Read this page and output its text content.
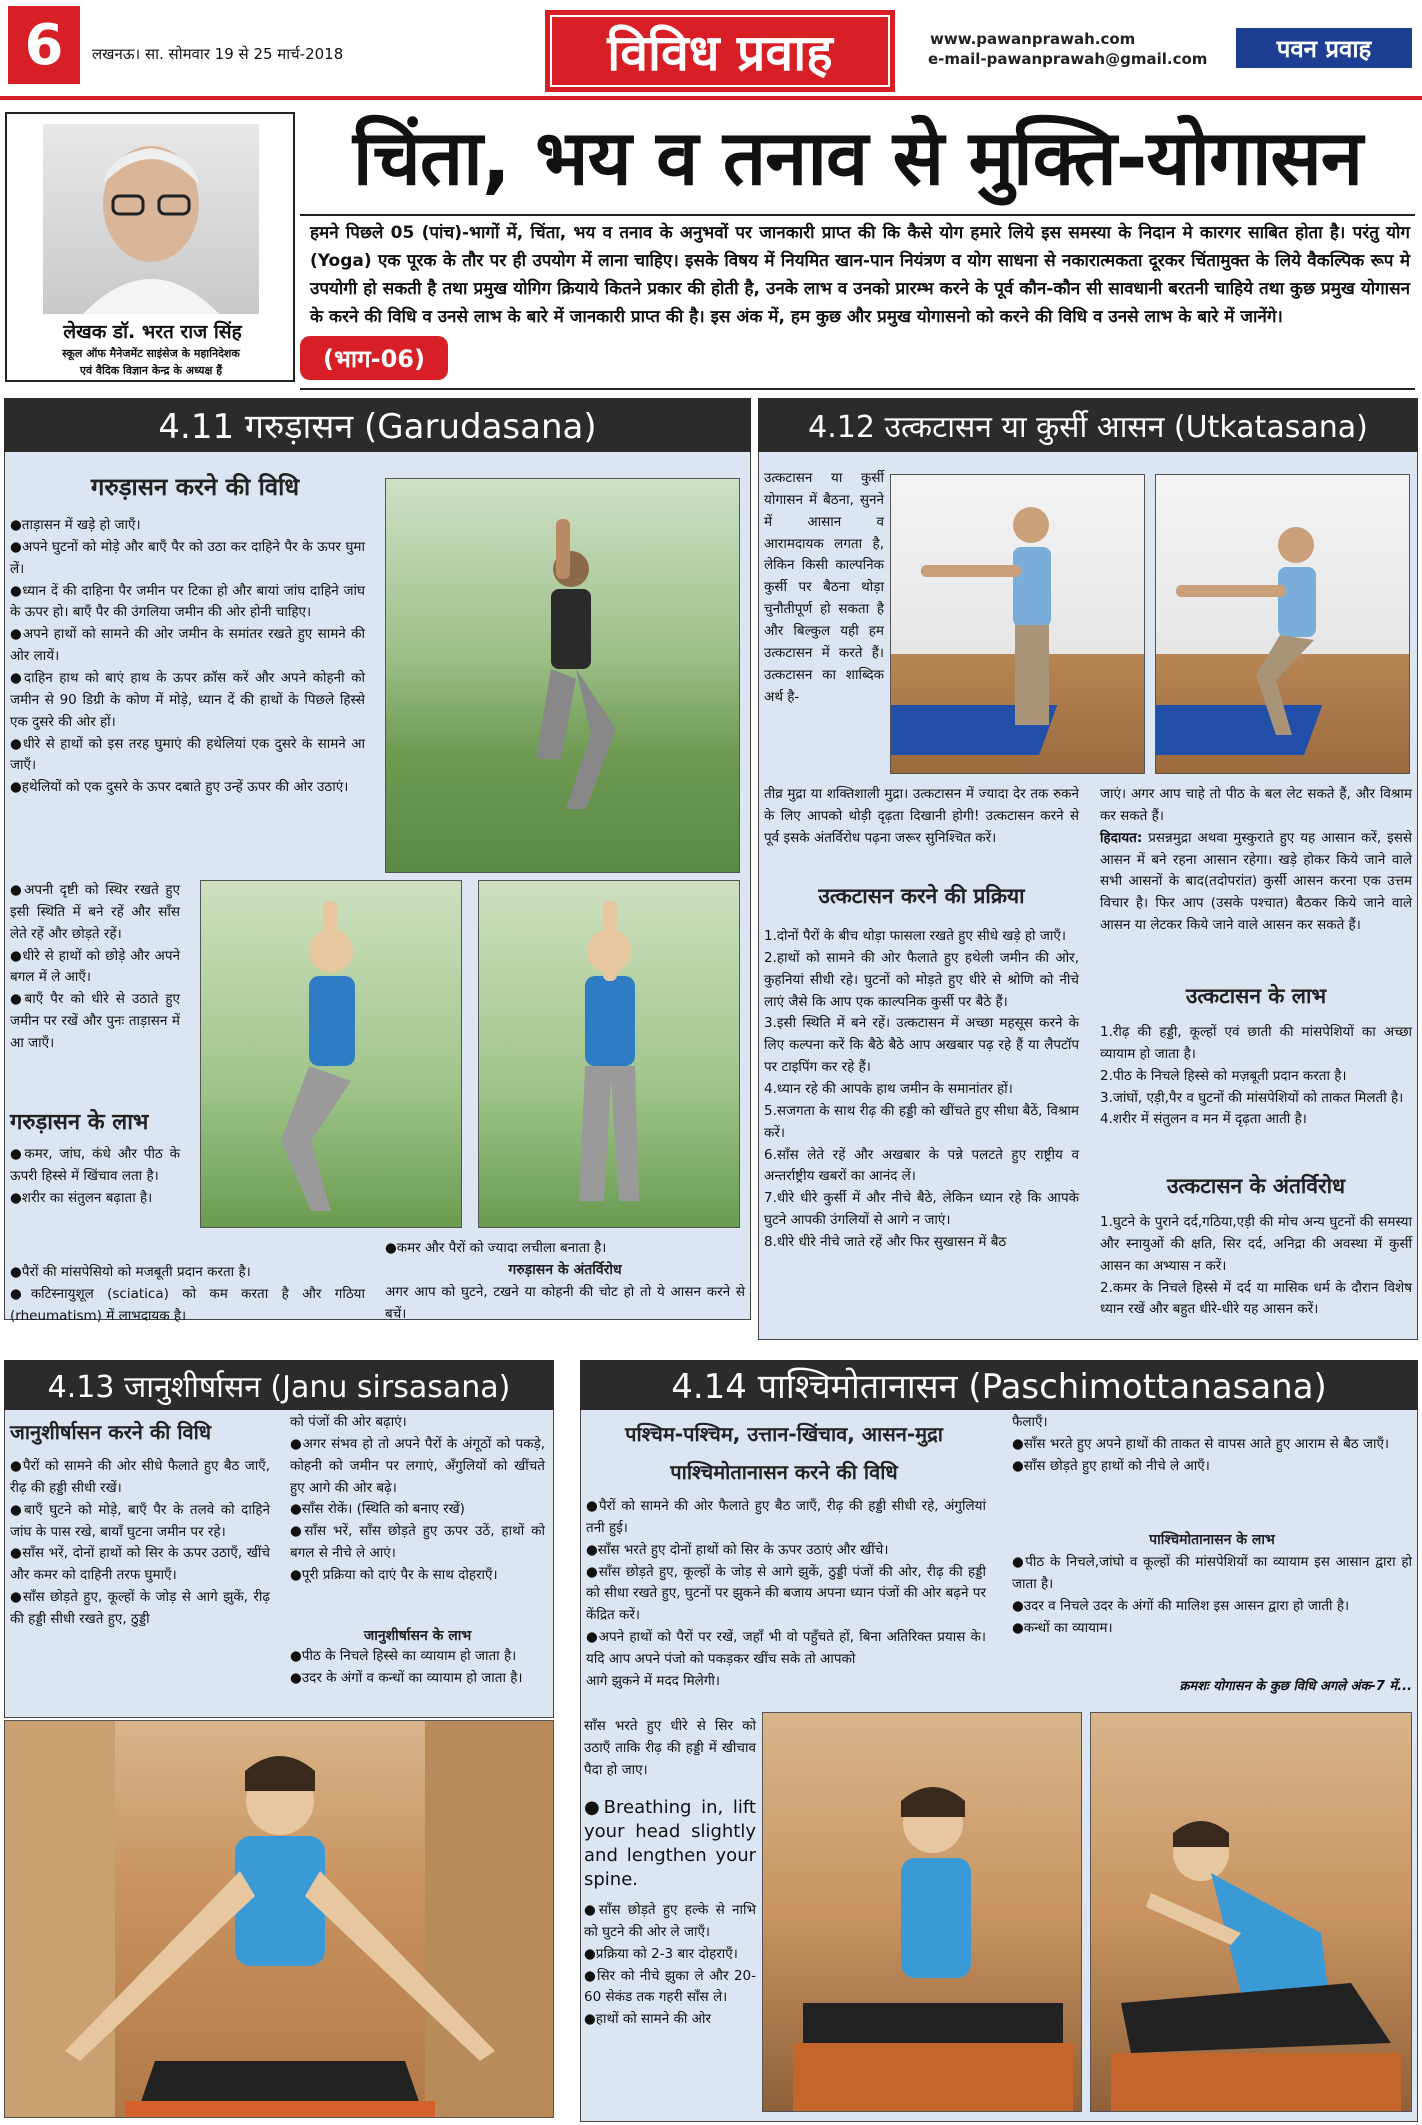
6	लखनऊ। सा. सोमवार 19 से 25 मार्च-2018	विविध प्रवाह	www.pawanprawah.com
e-mail-pawanprawah@gmail.com	पवन प्रवाह
लेखक डॉ. भरत राज सिंह
स्कूल ऑफ मैनेजमेंट साइंसेज के महानिदेशक
एवं वैदिक विज्ञान केन्द्र के अध्यक्ष हैं
चिंता, भय व तनाव से मुक्ति-योगासन
हमने पिछले 05 (पांच)-भागों में, चिंता, भय व तनाव के अनुभवों पर जानकारी प्राप्त की कि कैसे योग हमारे लिये इस समस्या के निदान मे कारगर साबित होता है। परंतु योग (Yoga) एक पूरक के तौर पर ही उपयोग में लाना चाहिए। इसके विषय में नियमित खान-पान नियंत्रण व योग साधना से नकारात्मकता दूरकर चिंतामुक्त के लिये वैकल्पिक रूप मे उपयोगी हो सकती है तथा प्रमुख योगिग क्रियाये कितने प्रकार की होती है, उनके लाभ व उनको प्रारम्भ करने के पूर्व कौन-कौन सी सावधानी बरतनी चाहिये तथा कुछ प्रमुख योगासन के करने की विधि व उनसे लाभ के बारे में जानकारी प्राप्त की है। इस अंक में, हम कुछ और प्रमुख योगासनो को करने की विधि व उनसे लाभ के बारे में जानेंगे।
(भाग-06)
4.11 गरुड़ासन (Garudasana)
गरुड़ासन करने की विधि

●ताड़ासन में खड़े हो जाएँ।

●अपने घुटनों को मोड़े और बाएँ पैर को उठा कर दाहिने पैर के ऊपर घुमा लें।

●ध्यान दें की दाहिना पैर जमीन पर टिका हो और बायां जांघ दाहिने जांघ के ऊपर हो। बाएँ पैर की उंगलिया जमीन की ओर होनी चाहिए।

●अपने हाथों को सामने की ओर जमीन के समांतर रखते हुए सामने की ओर लायें।

●दाहिन हाथ को बाएं हाथ के ऊपर क्रॉस करें और अपने कोहनी को जमीन से 90 डिग्री के कोण में मोड़े, ध्यान दें की हाथों के पिछले हिस्से एक दुसरे की ओर हों।

●धीरे से हाथों को इस तरह घुमाएं की हथेलियां एक दुसरे के सामने आ जाएँ।

●हथेलियों को एक दुसरे के ऊपर दबाते हुए उन्हें ऊपर की ओर उठाएं।

●अपनी दृष्टी को स्थिर रखते हुए इसी स्थिति में बने रहें और साँस लेते रहें और छोड़ते रहें।

●धीरे से हाथों को छोड़े और अपने बगल में ले आएँ।

●बाएँ पैर को धीरे से उठाते हुए जमीन पर रखें और पुनः ताड़ासन में आ जाएँ।

गरुड़ासन के लाभ

●कमर, जांघ, कंधे और पीठ के ऊपरी हिस्से में खिंचाव लता है।

●शरीर का संतुलन बढ़ाता है।

●पैरों की मांसपेसियो को मजबूती प्रदान करता है।

●कटिस्नायुशूल (sciatica) को कम करता है और गठिया (rheumatism) में लाभदायक है।

●कमर और पैरों को ज्यादा लचीला बनाता है।
गरुड़ासन के अंतर्विरोध
अगर आप को घुटने, टखने या कोहनी की चोट हो तो ये आसन करने से बचें।
4.12 उत्कटासन या कुर्सी आसन (Utkatasana)
उत्कटासन या कुर्सी योगासन में बैठना, सुनने में आसान व आरामदायक लगता है, लेकिन किसी काल्पनिक कुर्सी पर बैठना थोड़ा चुनौतीपूर्ण हो सकता है और बिल्कुल यही हम उत्कटासन में करते हैं। उत्कटासन का शाब्दिक अर्थ है-
तीव्र मुद्रा या शक्तिशाली मुद्रा। उत्कटासन में ज्यादा देर तक रुकने के लिए आपको थोड़ी दृढ़ता दिखानी होगी! उत्कटासन करने से पूर्व इसके अंतर्विरोध पढ़ना जरूर सुनिश्चित करें।
उत्कटासन करने की प्रक्रिया

1.दोनों पैरों के बीच थोड़ा फासला रखते हुए सीधे खड़े हो जाएँ।

2.हाथों को सामने की ओर फैलाते हुए हथेली जमीन की ओर, कुहनियां सीधी रहे। घुटनों को मोड़ते हुए धीरे से श्रोणि को नीचे लाएं जैसे कि आप एक काल्पनिक कुर्सी पर बैठे हैं।

3.इसी स्थिति में बने रहें। उत्कटासन में अच्छा महसूस करने के लिए कल्पना करें कि बैठे बैठे आप अखबार पढ़ रहे हैं या लैपटॉप पर टाइपिंग कर रहे हैं।

4.ध्यान रहे की आपके हाथ जमीन के समानांतर हों।

5.सजगता के साथ रीढ़ की हड्डी को खींचते हुए सीधा बैठें, विश्राम करें।

6.साँस लेते रहें और अखबार के पन्ने पलटते हुए राष्ट्रीय व अन्तर्राष्ट्रीय खबरों का आनंद लें।

7.धीरे धीरे कुर्सी में और नीचे बैठे, लेकिन ध्यान रहे कि आपके घुटने आपकी उंगलियों से आगे न जाएं।

8.धीरे धीरे नीचे जाते रहें और फिर सुखासन में बैठ

जाएं। अगर आप चाहे तो पीठ के बल लेट सकते हैं, और विश्राम कर सकते हैं।

हिदायत: प्रसन्नमुद्रा अथवा मुस्कुराते हुए यह आसान करें, इससे आसन में बने रहना आसान रहेगा। खड़े होकर किये जाने वाले सभी आसनों के बाद(तदोपरांत) कुर्सी आसन करना एक उत्तम विचार है। फिर आप (उसके पश्चात) बैठकर किये जाने वाले आसन या लेटकर किये जाने वाले आसन कर सकते हैं।

उत्कटासन के लाभ

1.रीढ़ की हड्डी, कूल्हों एवं छाती की मांसपेशियों का अच्छा व्यायाम हो जाता है।

2.पीठ के निचले हिस्से को मज़बूती प्रदान करता है।

3.जांघों, एड़ी,पैर व घुटनों की मांसपेशियों को ताकत मिलती है।

4.शरीर में संतुलन व मन में दृढ़ता आती है।

उत्कटासन के अंतर्विरोध

1.घुटने के पुराने दर्द,गठिया,एड़ी की मोच अन्य घुटनों की समस्या और स्नायुओं की क्षति, सिर दर्द, अनिद्रा की अवस्था में कुर्सी आसन का अभ्यास न करें।

2.कमर के निचले हिस्से में दर्द या मासिक धर्म के दौरान विशेष ध्यान रखें और बहुत धीरे-धीरे यह आसन करें।

4.13 जानुशीर्षासन (Janu sirsasana)
जानुशीर्षासन करने की विधि

●पैरों को सामने की ओर सीधे फैलाते हुए बैठ जाएँ, रीढ़ की हड्डी सीधी रखें।

●बाएँ घुटने को मोड़े, बाएँ पैर के तलवे को दाहिने जांघ के पास रखे, बायाँ घुटना जमीन पर रहे।

●साँस भरें, दोनों हाथों को सिर के ऊपर उठाएँ, खींचे और कमर को दाहिनी तरफ घुमाएँ।

●साँस छोड़ते हुए, कूल्हों के जोड़ से आगे झुकें, रीढ़ की हड्डी सीधी रखते हुए, ठुड्डी

को पंजों की ओर बढ़ाएं।

●अगर संभव हो तो अपने पैरों के अंगूठों को पकड़े, कोहनी को जमीन पर लगाएं, अँगुलियों को खींचते हुए आगे की ओर बढ़े।

●साँस रोकें। (स्थिति को बनाए रखें)

●साँस भरें, साँस छोड़ते हुए ऊपर उठें, हाथों को बगल से नीचे ले आएं।

●पूरी प्रक्रिया को दाएं पैर के साथ दोहराएँ।

जानुशीर्षासन के लाभ

●पीठ के निचले हिस्से का व्यायाम हो जाता है।

●उदर के अंगों व कन्धों का व्यायाम हो जाता है।

4.14 पाश्चिमोतानासन (Paschimottanasana)
पश्चिम-पश्चिम, उत्तान-खिंचाव, आसन-मुद्रा
पाश्चिमोतानासन करने की विधि

●पैरों को सामने की ओर फैलाते हुए बैठ जाएँ, रीढ़ की हड्डी सीधी रहे, अंगुलियां तनी हुई।

●साँस भरते हुए दोनों हाथों को सिर के ऊपर उठाएं और खींचे।

●साँस छोड़ते हुए, कूल्हों के जोड़ से आगे झुकें, ठुड्डी पंजों की ओर, रीढ़ की हड्डी को सीधा रखते हुए, घुटनों पर झुकने की बजाय अपना ध्यान पंजों की ओर बढ़ने पर केंद्रित करें।

●अपने हाथों को पैरों पर रखें, जहाँ भी वो पहुँचते हों, बिना अतिरिक्त प्रयास के। यदि आप अपने पंजो को पकड़कर खींच सके तो आपको

आगे झुकने में मदद मिलेगी।

साँस भरते हुए धीरे से सिर को उठाएँ ताकि रीढ़ की हड्डी में खीचाव पैदा हो जाए।
●Breathing in, lift your head slightly and lengthen your spine.

●साँस छोड़ते हुए हल्के से नाभि को घुटने की ओर ले जाएँ।

●प्रक्रिया को 2-3 बार दोहराएँ।

●सिर को नीचे झुका ले और 20-60 सेकंड तक गहरी साँस ले।

●हाथों को सामने की ओर

फैलाएँ।

●साँस भरते हुए अपने हाथों की ताकत से वापस आते हुए आराम से बैठ जाएँ।

●साँस छोड़ते हुए हाथों को नीचे ले आएँ।

पाश्चिमोतानासन के लाभ

●पीठ के निचले,जांघो व कूल्हों की मांसपेशियों का व्यायाम इस आसान द्वारा हो जाता है।

●उदर व निचले उदर के अंगों की मालिश इस आसन द्वारा हो जाती है।

●कन्धों का व्यायाम।

क्रमशः योगासन के कुछ विधि अगले अंक-7 में...
